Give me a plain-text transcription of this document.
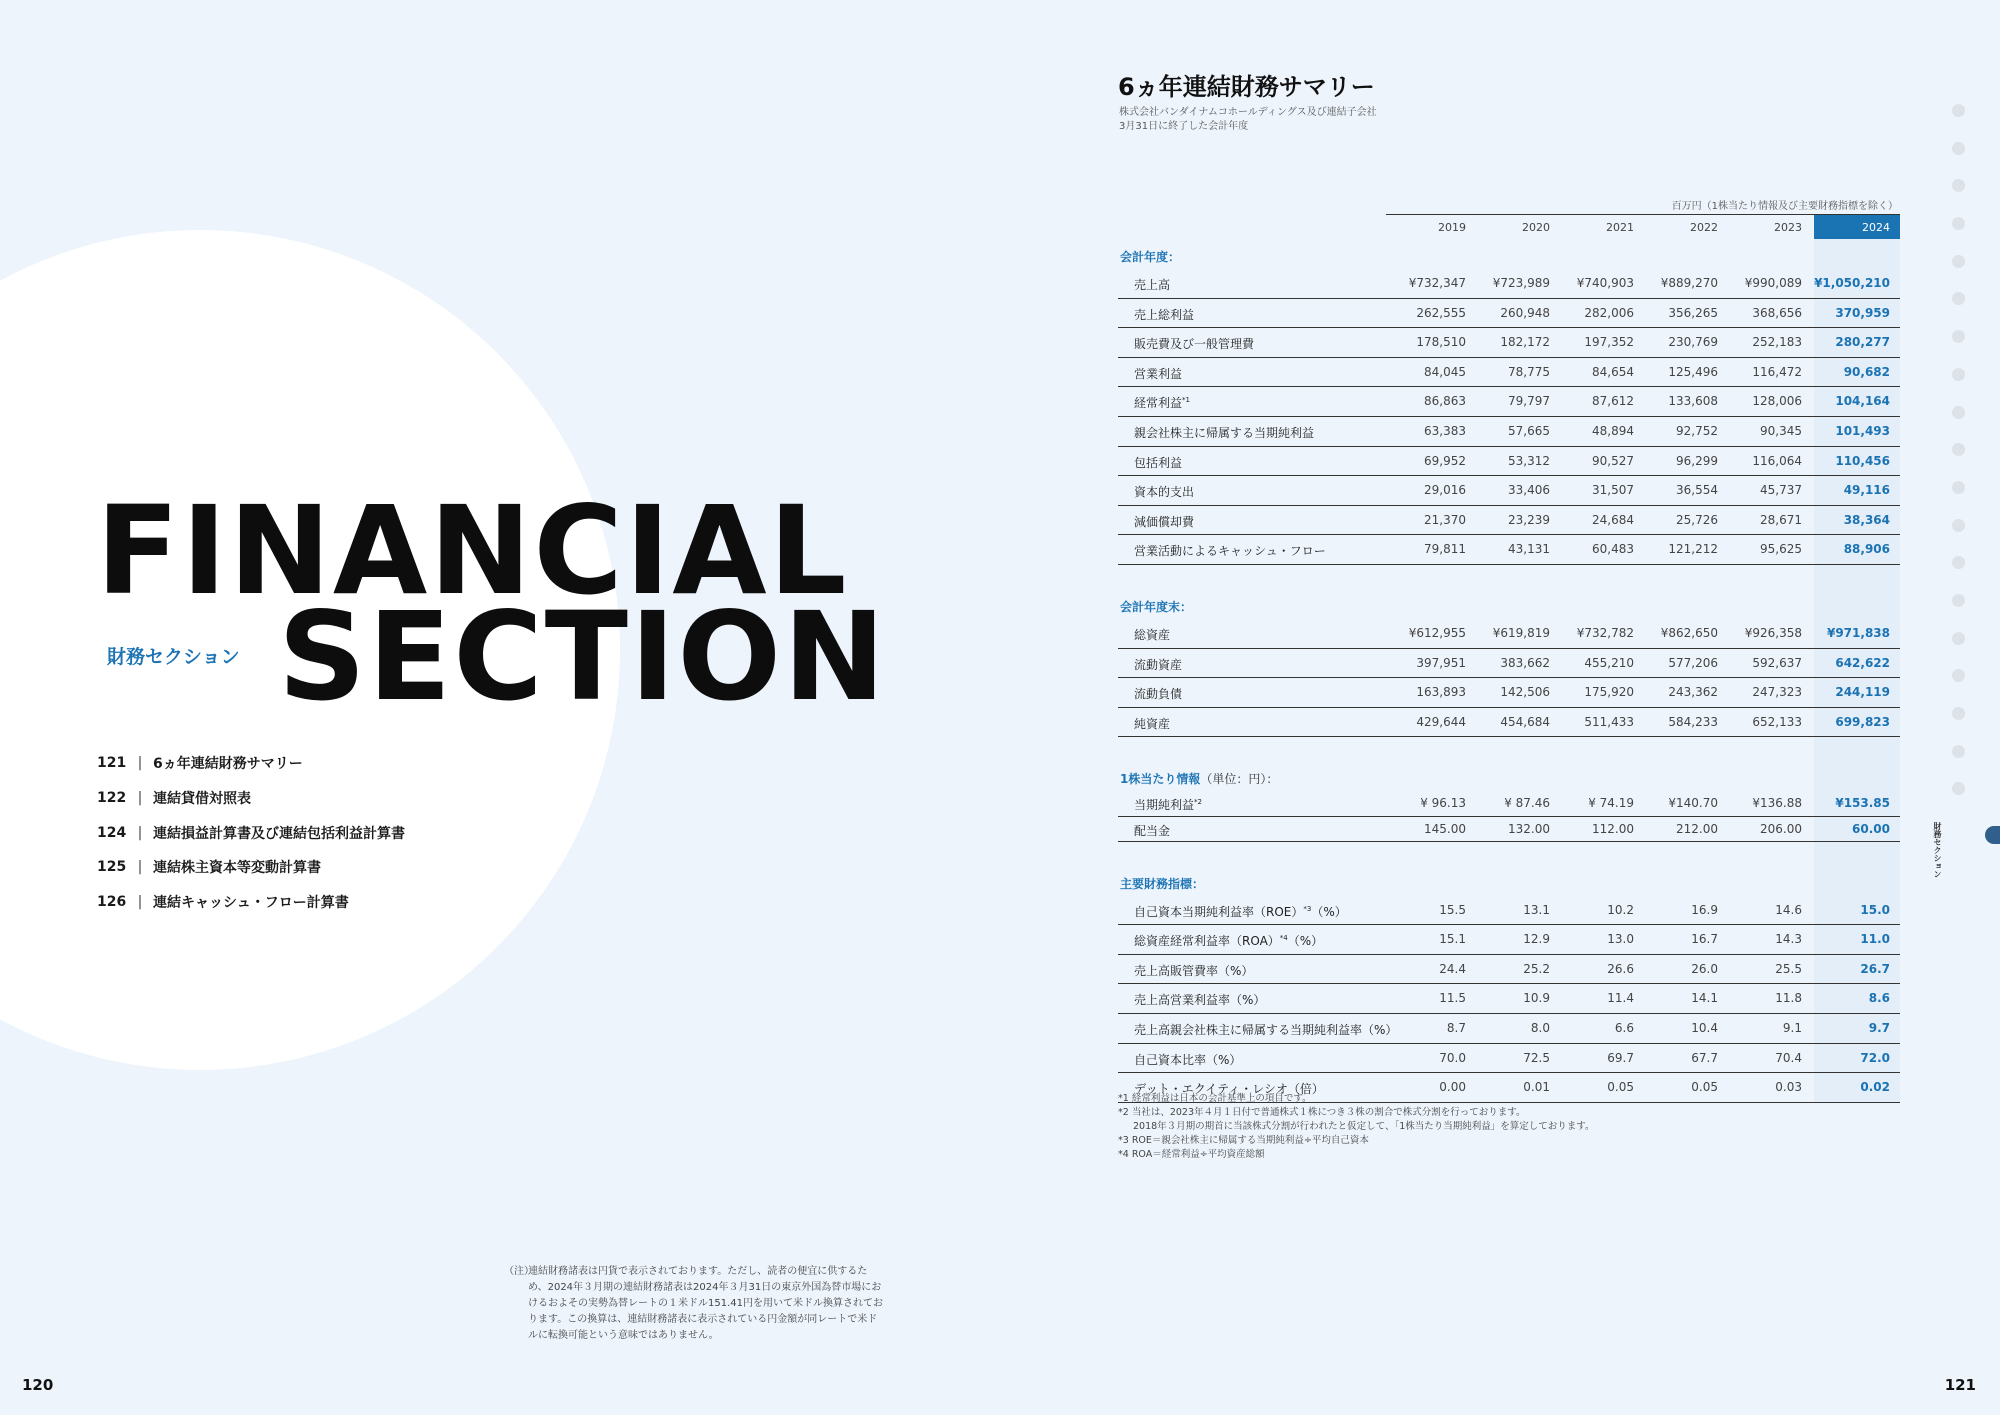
FINANCIAL
SECTION
財務セクション
121 | 6ヵ年連結財務サマリー
122 | 連結貸借対照表
124 | 連結損益計算書及び連結包括利益計算書
125 | 連結株主資本等変動計算書
126 | 連結キャッシュ・フロー計算書
（注）
連結財務諸表は円貨で表示されております。ただし、読者の便宜に供するため、2024年３月期の連結財務諸表は2024年３月31日の東京外国為替市場におけるおよその実勢為替レートの１米ドル151.41円を用いて米ドル換算されております。この換算は、連結財務諸表に表示されている円金額が同レートで米ドルに転換可能という意味ではありません。
120
6ヵ年連結財務サマリー
株式会社バンダイナムコホールディングス及び連結子会社
3月31日に終了した会計年度
百万円（1株当たり情報及び主要財務指標を除く）
2019	2020	2021	2022	2023	2024
会計年度：
売上高	¥732,347	¥723,989	¥740,903	¥889,270	¥990,089	¥1,050,210
売上総利益	262,555	260,948	282,006	356,265	368,656	370,959
販売費及び一般管理費	178,510	182,172	197,352	230,769	252,183	280,277
営業利益	84,045	78,775	84,654	125,496	116,472	90,682
経常利益$^{*1}$	86,863	79,797	87,612	133,608	128,006	104,164
親会社株主に帰属する当期純利益	63,383	57,665	48,894	92,752	90,345	101,493
包括利益	69,952	53,312	90,527	96,299	116,064	110,456
資本的支出	29,016	33,406	31,507	36,554	45,737	49,116
減価償却費	21,370	23,239	24,684	25,726	28,671	38,364
営業活動によるキャッシュ・フロー	79,811	43,131	60,483	121,212	95,625	88,906
会計年度末：
総資産	¥612,955	¥619,819	¥732,782	¥862,650	¥926,358	¥971,838
流動資産	397,951	383,662	455,210	577,206	592,637	642,622
流動負債	163,893	142,506	175,920	243,362	247,323	244,119
純資産	429,644	454,684	511,433	584,233	652,133	699,823
1株当たり情報（単位：円）：
当期純利益$^{*2}$	¥ 96.13	¥ 87.46	¥ 74.19	¥140.70	¥136.88	¥153.85
配当金	145.00	132.00	112.00	212.00	206.00	60.00
主要財務指標：
自己資本当期純利益率（ROE）$^{*3}$（%）	15.5	13.1	10.2	16.9	14.6	15.0
総資産経常利益率（ROA）$^{*4}$（%）	15.1	12.9	13.0	16.7	14.3	11.0
売上高販管費率（%）	24.4	25.2	26.6	26.0	25.5	26.7
売上高営業利益率（%）	11.5	10.9	11.4	14.1	11.8	8.6
売上高親会社株主に帰属する当期純利益率（%）	8.7	8.0	6.6	10.4	9.1	9.7
自己資本比率（%）	70.0	72.5	69.7	67.7	70.4	72.0
デット・エクイティ・レシオ（倍）	0.00	0.01	0.05	0.05	0.03	0.02
*1 経常利益は日本の会計基準上の項目です。
*2 当社は、2023年４月１日付で普通株式１株につき３株の割合で株式分割を行っております。
2018年３月期の期首に当該株式分割が行われたと仮定して、「1株当たり当期純利益」を算定しております。
*3 ROE＝親会社株主に帰属する当期純利益÷平均自己資本
*4 ROA＝経常利益÷平均資産総額
財務セクション
121
